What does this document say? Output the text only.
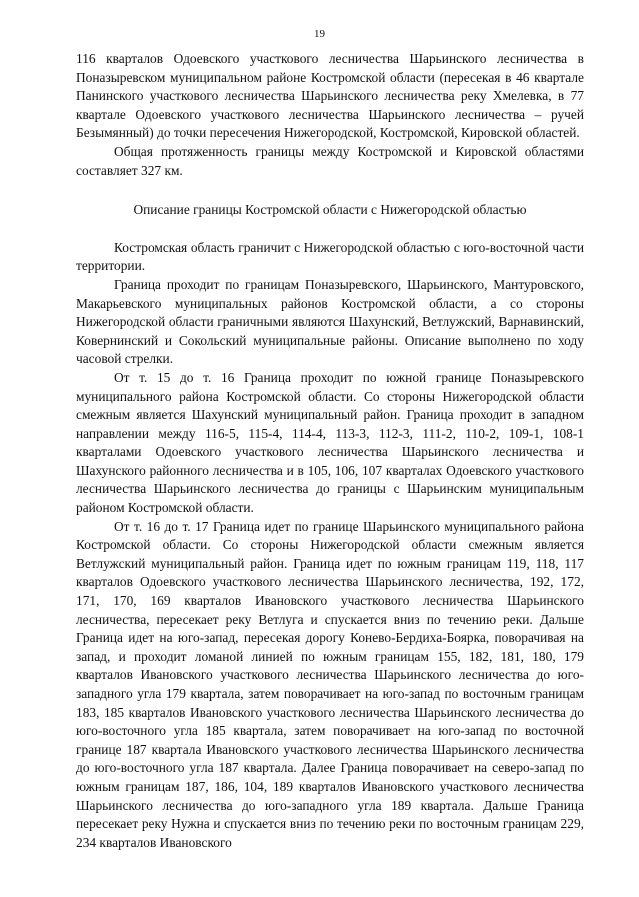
19

116 кварталов Одоевского участкового лесничества Шарьинского лесничества в Поназыревском муниципальном районе Костромской области (пересекая в 46 квартале Панинского участкового лесничества Шарьинского лесничества реку Хмелевка, в 77 квартале Одоевского участкового лесничества Шарьинского лесничества – ручей Безымянный) до точки пересечения Нижегородской, Костромской, Кировской областей.

Общая протяженность границы между Костромской и Кировской областями составляет 327 км.

Описание границы Костромской области с Нижегородской областью

Костромская область граничит с Нижегородской областью с юго-восточной части территории.

Граница проходит по границам Поназыревского, Шарьинского, Мантуровского, Макарьевского муниципальных районов Костромской области, а со стороны Нижегородской области граничными являются Шахунский, Ветлужский, Варнавинский, Ковернинский и Сокольский муниципальные районы. Описание выполнено по ходу часовой стрелки.

От т. 15 до т. 16 Граница проходит по южной границе Поназыревского муниципального района Костромской области. Со стороны Нижегородской области смежным является Шахунский муниципальный район. Граница проходит в западном направлении между 116-5, 115-4, 114-4, 113-3, 112-3, 111-2, 110-2, 109-1, 108-1 кварталами Одоевского участкового лесничества Шарьинского лесничества и Шахунского районного лесничества и в 105, 106, 107 кварталах Одоевского участкового лесничества Шарьинского лесничества до границы с Шарьинским муниципальным районом Костромской области.

От т. 16 до т. 17 Граница идет по границе Шарьинского муниципального района Костромской области. Со стороны Нижегородской области смежным является Ветлужский муниципальный район. Граница идет по южным границам 119, 118, 117 кварталов Одоевского участкового лесничества Шарьинского лесничества, 192, 172, 171, 170, 169 кварталов Ивановского участкового лесничества Шарьинского лесничества, пересекает реку Ветлуга и спускается вниз по течению реки. Дальше Граница идет на юго-запад, пересекая дорогу Конево-Бердиха-Боярка, поворачивая на запад, и проходит ломаной линией по южным границам 155, 182, 181, 180, 179 кварталов Ивановского участкового лесничества Шарьинского лесничества до юго-западного угла 179 квартала, затем поворачивает на юго-запад по восточным границам 183, 185 кварталов Ивановского участкового лесничества Шарьинского лесничества до юго-восточного угла 185 квартала, затем поворачивает на юго-запад по восточной границе 187 квартала Ивановского участкового лесничества Шарьинского лесничества до юго-восточного угла 187 квартала. Далее Граница поворачивает на северо-запад по южным границам 187, 186, 104, 189 кварталов Ивановского участкового лесничества Шарьинского лесничества до юго-западного угла 189 квартала. Дальше Граница пересекает реку Нужна и спускается вниз по течению реки по восточным границам 229, 234 кварталов Ивановского
